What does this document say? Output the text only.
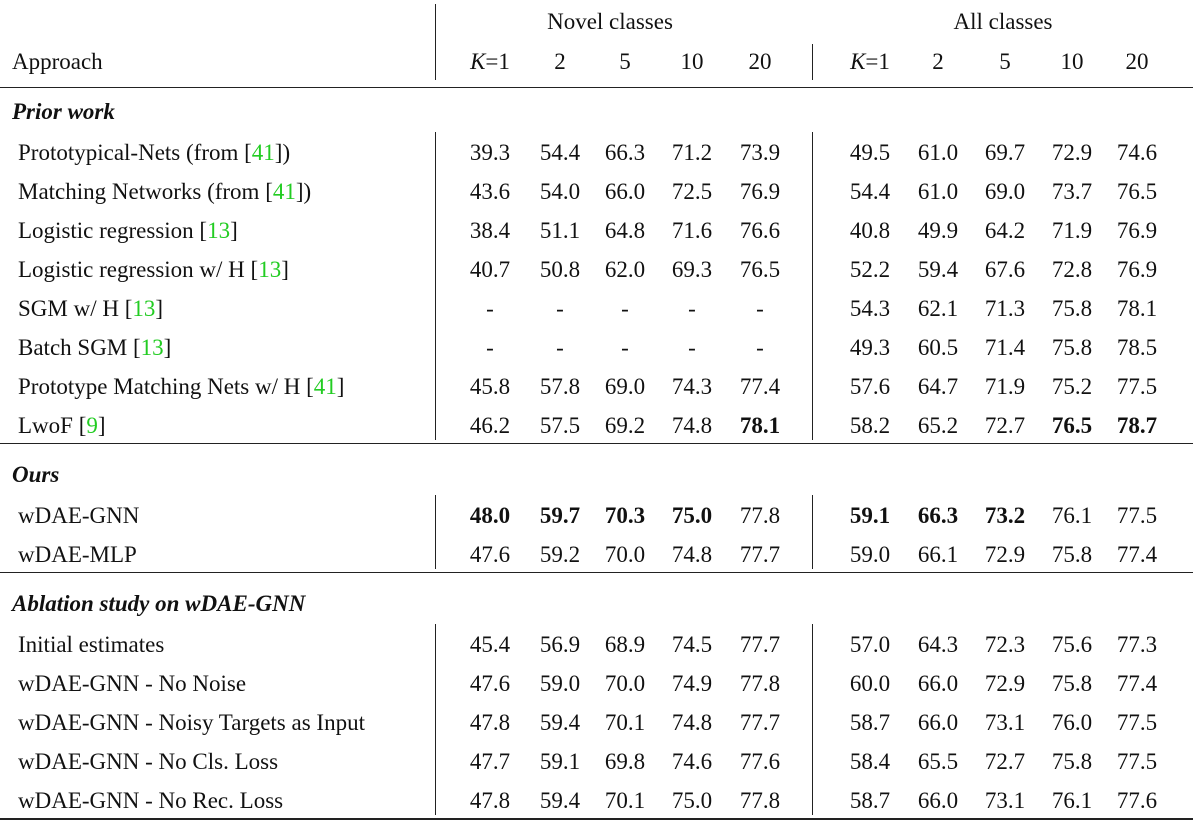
Novel classes	All classes
Approach	K=1	2	5	10	20	K=1	2	5	10	20
Prior work
Prototypical-Nets (from [41])	39.3	54.4	66.3	71.2	73.9	49.5	61.0	69.7	72.9	74.6
Matching Networks (from [41])	43.6	54.0	66.0	72.5	76.9	54.4	61.0	69.0	73.7	76.5
Logistic regression [13]	38.4	51.1	64.8	71.6	76.6	40.8	49.9	64.2	71.9	76.9
Logistic regression w/ H [13]	40.7	50.8	62.0	69.3	76.5	52.2	59.4	67.6	72.8	76.9
SGM w/ H [13]	-	-	-	-	-	54.3	62.1	71.3	75.8	78.1
Batch SGM [13]	-	-	-	-	-	49.3	60.5	71.4	75.8	78.5
Prototype Matching Nets w/ H [41]	45.8	57.8	69.0	74.3	77.4	57.6	64.7	71.9	75.2	77.5
LwoF [9]	46.2	57.5	69.2	74.8	78.1	58.2	65.2	72.7	76.5	78.7
Ours
wDAE-GNN	48.0	59.7	70.3	75.0	77.8	59.1	66.3	73.2	76.1	77.5
wDAE-MLP	47.6	59.2	70.0	74.8	77.7	59.0	66.1	72.9	75.8	77.4
Ablation study on wDAE-GNN
Initial estimates	45.4	56.9	68.9	74.5	77.7	57.0	64.3	72.3	75.6	77.3
wDAE-GNN - No Noise	47.6	59.0	70.0	74.9	77.8	60.0	66.0	72.9	75.8	77.4
wDAE-GNN - Noisy Targets as Input	47.8	59.4	70.1	74.8	77.7	58.7	66.0	73.1	76.0	77.5
wDAE-GNN - No Cls. Loss	47.7	59.1	69.8	74.6	77.6	58.4	65.5	72.7	75.8	77.5
wDAE-GNN - No Rec. Loss	47.8	59.4	70.1	75.0	77.8	58.7	66.0	73.1	76.1	77.6
